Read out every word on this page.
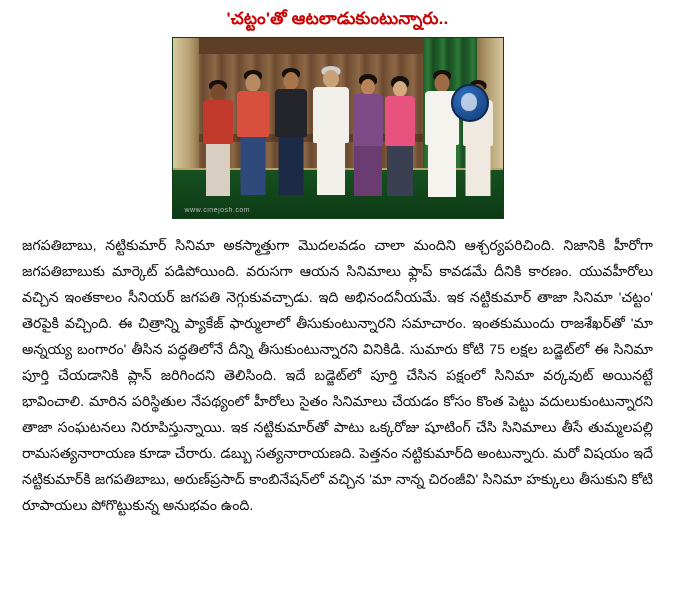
'చట్టం'తో ఆటలాడుకుంటున్నారు..
www.cinejosh.com
జగపతిబాబు, నట్టికుమార్ సినిమా అకస్మాత్తుగా మొదలవడం చాలా మందిని ఆశ్చర్యపరిచింది. నిజానికి హీరోగా జగపతిబాబుకు మార్కెట్ పడిపోయింది. వరుసగా ఆయన సినిమాలు ఫ్లాప్ కావడమే దీనికి కారణం. యువహీరోలు వచ్చిన ఇంతకాలం సీనియర్ జగపతి నెగ్గుకువచ్చాడు. ఇది అభినందనీయమే. ఇక నట్టికుమార్ తాజా సినిమా 'చట్టం' తెరపైకి వచ్చింది. ఈ చిత్రాన్ని ప్యాకేజ్ ఫార్ములాలో తీసుకుంటున్నారని సమాచారం. ఇంతకుముందు రాజశేఖర్‌తో 'మా అన్నయ్య బంగారం' తీసిన పద్ధతిలోనే దీన్ని తీసుకుంటున్నారని వినికిడి. సుమారు కోటి 75 లక్షల బడ్జెట్‌లో ఈ సినిమా పూర్తి చేయడానికి ప్లాన్ జరిగిందని తెలిసింది. ఇదే బడ్జెట్‌లో పూర్తి చేసిన పక్షంలో సినిమా వర్కవుట్ అయినట్టే భావించాలి. మారిన పరిస్థితుల నేపథ్యంలో హీరోలు సైతం సినిమాలు చేయడం కోసం కొంత పెట్టు వదులుకుంటున్నారని తాజా సంఘటనలు నిరూపిస్తున్నాయి. ఇక నట్టికుమార్‌తో పాటు ఒక్కరోజు షూటింగ్ చేసి సినిమాలు తీసే తుమ్మలపల్లి రామసత్యనారాయణ కూడా చేరారు. డబ్బు సత్యనారాయణది. పెత్తనం నట్టికుమార్‌ది అంటున్నారు. మరో విషయం ఇదే నట్టికుమార్‌కి జగపతిబాబు, అరుణ్‌ప్రసాద్ కాంబినేషన్‌లో వచ్చిన 'మా నాన్న చిరంజీవి' సినిమా హక్కులు తీసుకుని కోటి రూపాయలు పోగొట్టుకున్న అనుభవం ఉంది.
